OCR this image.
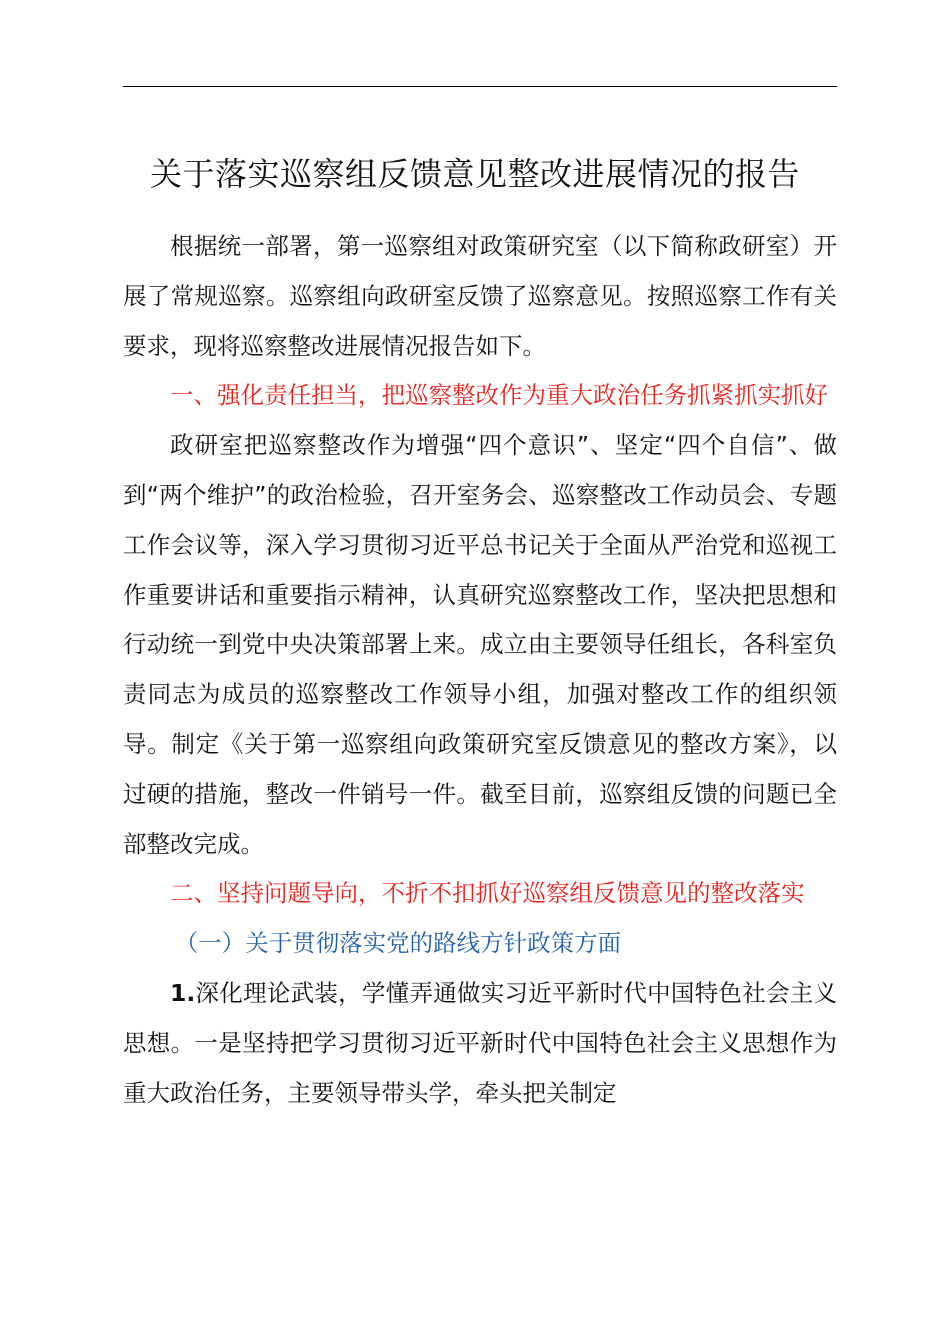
关于落实巡察组反馈意见整改进展情况的报告

根据统一部署，第一巡察组对政策研究室（以下简称政研室）开展了常规巡察。巡察组向政研室反馈了巡察意见。按照巡察工作有关要求，现将巡察整改进展情况报告如下。

一、强化责任担当，把巡察整改作为重大政治任务抓紧抓实抓好

政研室把巡察整改作为增强“四个意识”、坚定“四个自信”、做到“两个维护”的政治检验，召开室务会、巡察整改工作动员会、专题工作会议等，深入学习贯彻习近平总书记关于全面从严治党和巡视工作重要讲话和重要指示精神，认真研究巡察整改工作，坚决把思想和行动统一到党中央决策部署上来。成立由主要领导任组长，各科室负责同志为成员的巡察整改工作领导小组，加强对整改工作的组织领导。制定《关于第一巡察组向政策研究室反馈意见的整改方案》，以过硬的措施，整改一件销号一件。截至目前，巡察组反馈的问题已全部整改完成。

二、坚持问题导向，不折不扣抓好巡察组反馈意见的整改落实

（一）关于贯彻落实党的路线方针政策方面

1.深化理论武装，学懂弄通做实习近平新时代中国特色社会主义思想。一是坚持把学习贯彻习近平新时代中国特色社会主义思想作为重大政治任务，主要领导带头学，牵头把关制定
